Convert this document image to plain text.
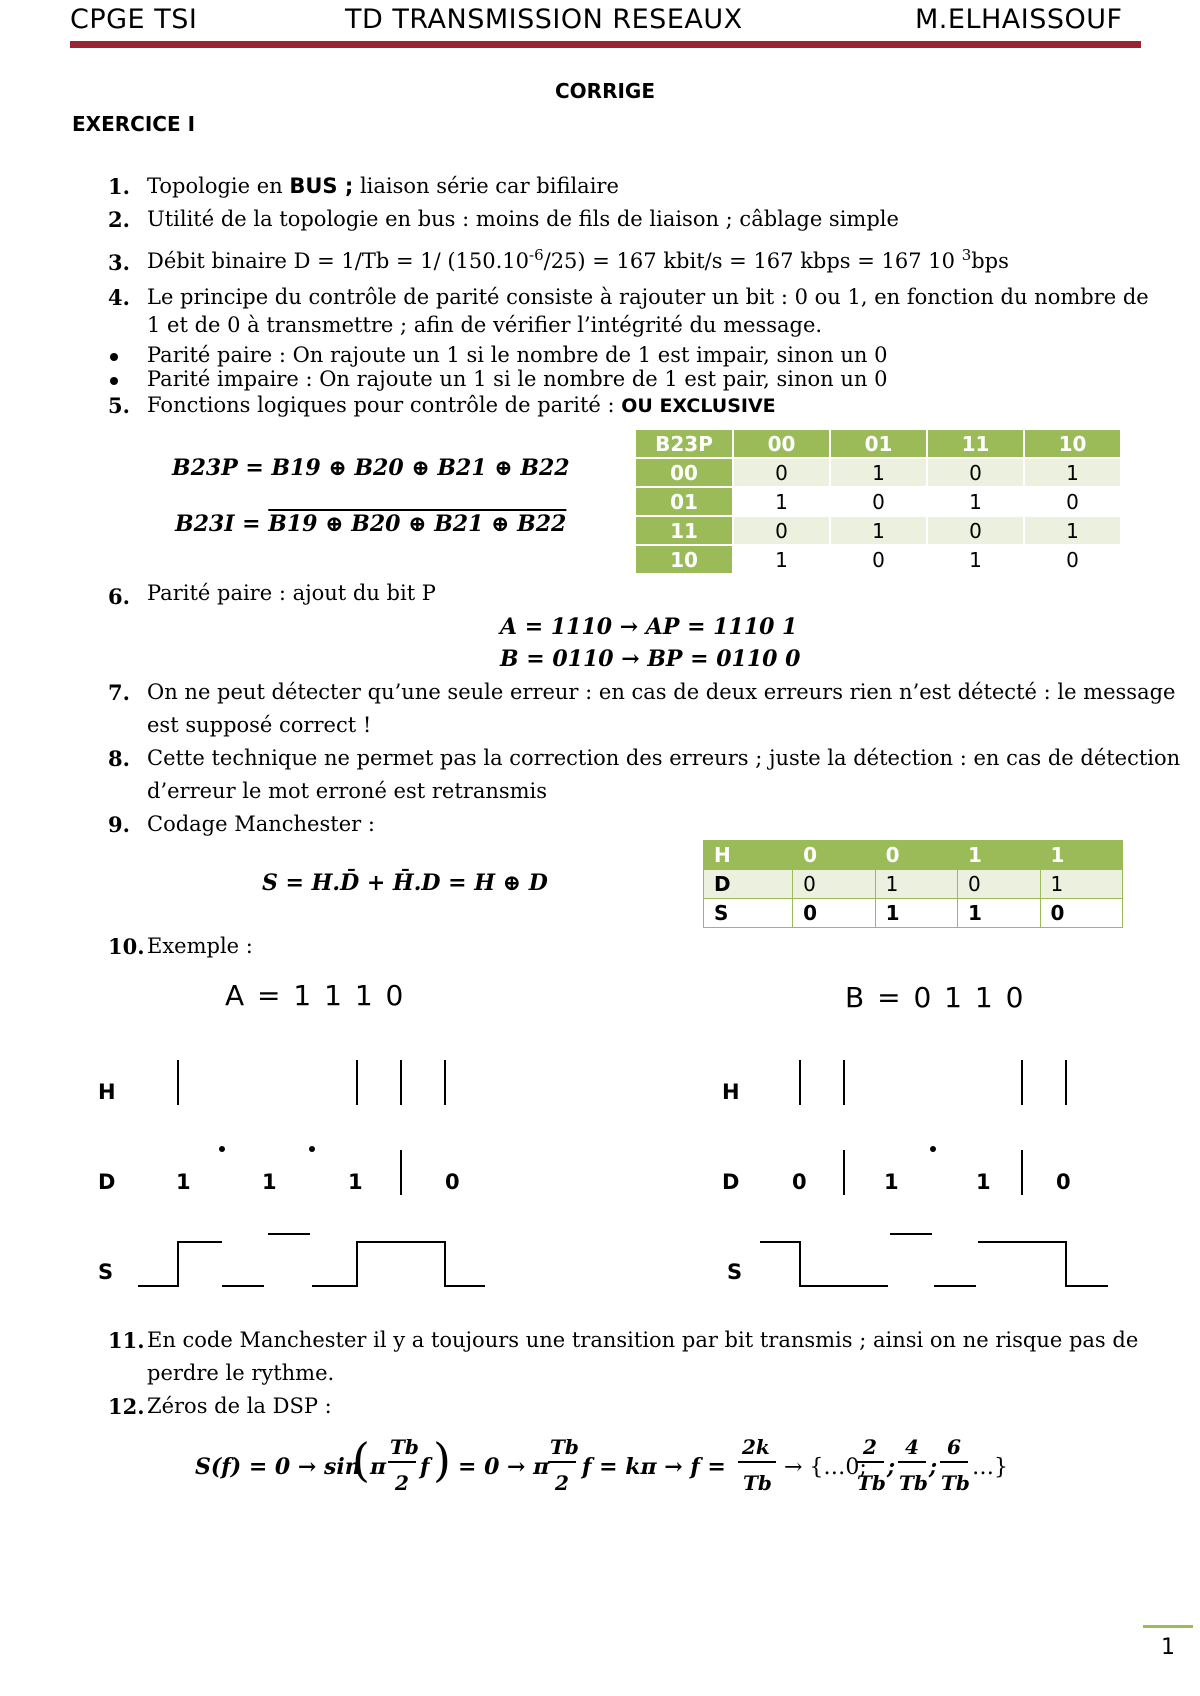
CPGE TSI	TD TRANSMISSION RESEAUX	M.ELHAISSOUF
CORRIGE
EXERCICE I
1. Topologie en BUS ; liaison série car bifilaire
2. Utilité de la topologie en bus : moins de fils de liaison ; câblage simple
3. Débit binaire D = 1/Tb = 1/ $(150.10^{-6}/25) = 167$ kbit/s = 167 kbps = 167 10 $^3$bps
4. Le principe du contrôle de parité consiste à rajouter un bit : 0 ou 1, en fonction du nombre de
1 et de 0 à transmettre ; afin de vérifier l’intégrité du message.
Parité paire : On rajoute un 1 si le nombre de 1 est impair, sinon un 0
Parité impaire : On rajoute un 1 si le nombre de 1 est pair, sinon un 0
5. Fonctions logiques pour contrôle de parité : OU EXCLUSIVE
B23P = B19 ⊕ B20 ⊕ B21 ⊕ B22
B23I = B19 ⊕ B20 ⊕ B21 ⊕ B22
B23P	00	01	11	10
00	0	1	0	1
01	1	0	1	0
11	0	1	0	1
10	1	0	1	0
6. Parité paire : ajout du bit P
A = 1110 → AP = 1110 1
B = 0110 → BP = 0110 0
7. On ne peut détecter qu’une seule erreur : en cas de deux erreurs rien n’est détecté : le message
est supposé correct !
8. Cette technique ne permet pas la correction des erreurs ; juste la détection : en cas de détection
d’erreur le mot erroné est retransmis
9. Codage Manchester :
S = H.D̄ + H̄.D = H ⊕ D
H	0	0	1	1
D	0	1	0	1
S	0	1	1	0
10. Exemple :
A = 1 1 1 0
H
D
S
1	1	1	0
B = 0 1 1 0
H
D
S
0	1	1	0
11. En code Manchester il y a toujours une transition par bit transmis ; ainsi on ne risque pas de
perdre le rythme.
12. Zéros de la DSP :
S(f) = 0 → sin
( π
Tb
2
f ) = 0 → π
Tb
2
f = kπ → f =
2k
Tb
→ {…0;
2
Tb
;
4
Tb
;
6
Tb
…}
1
